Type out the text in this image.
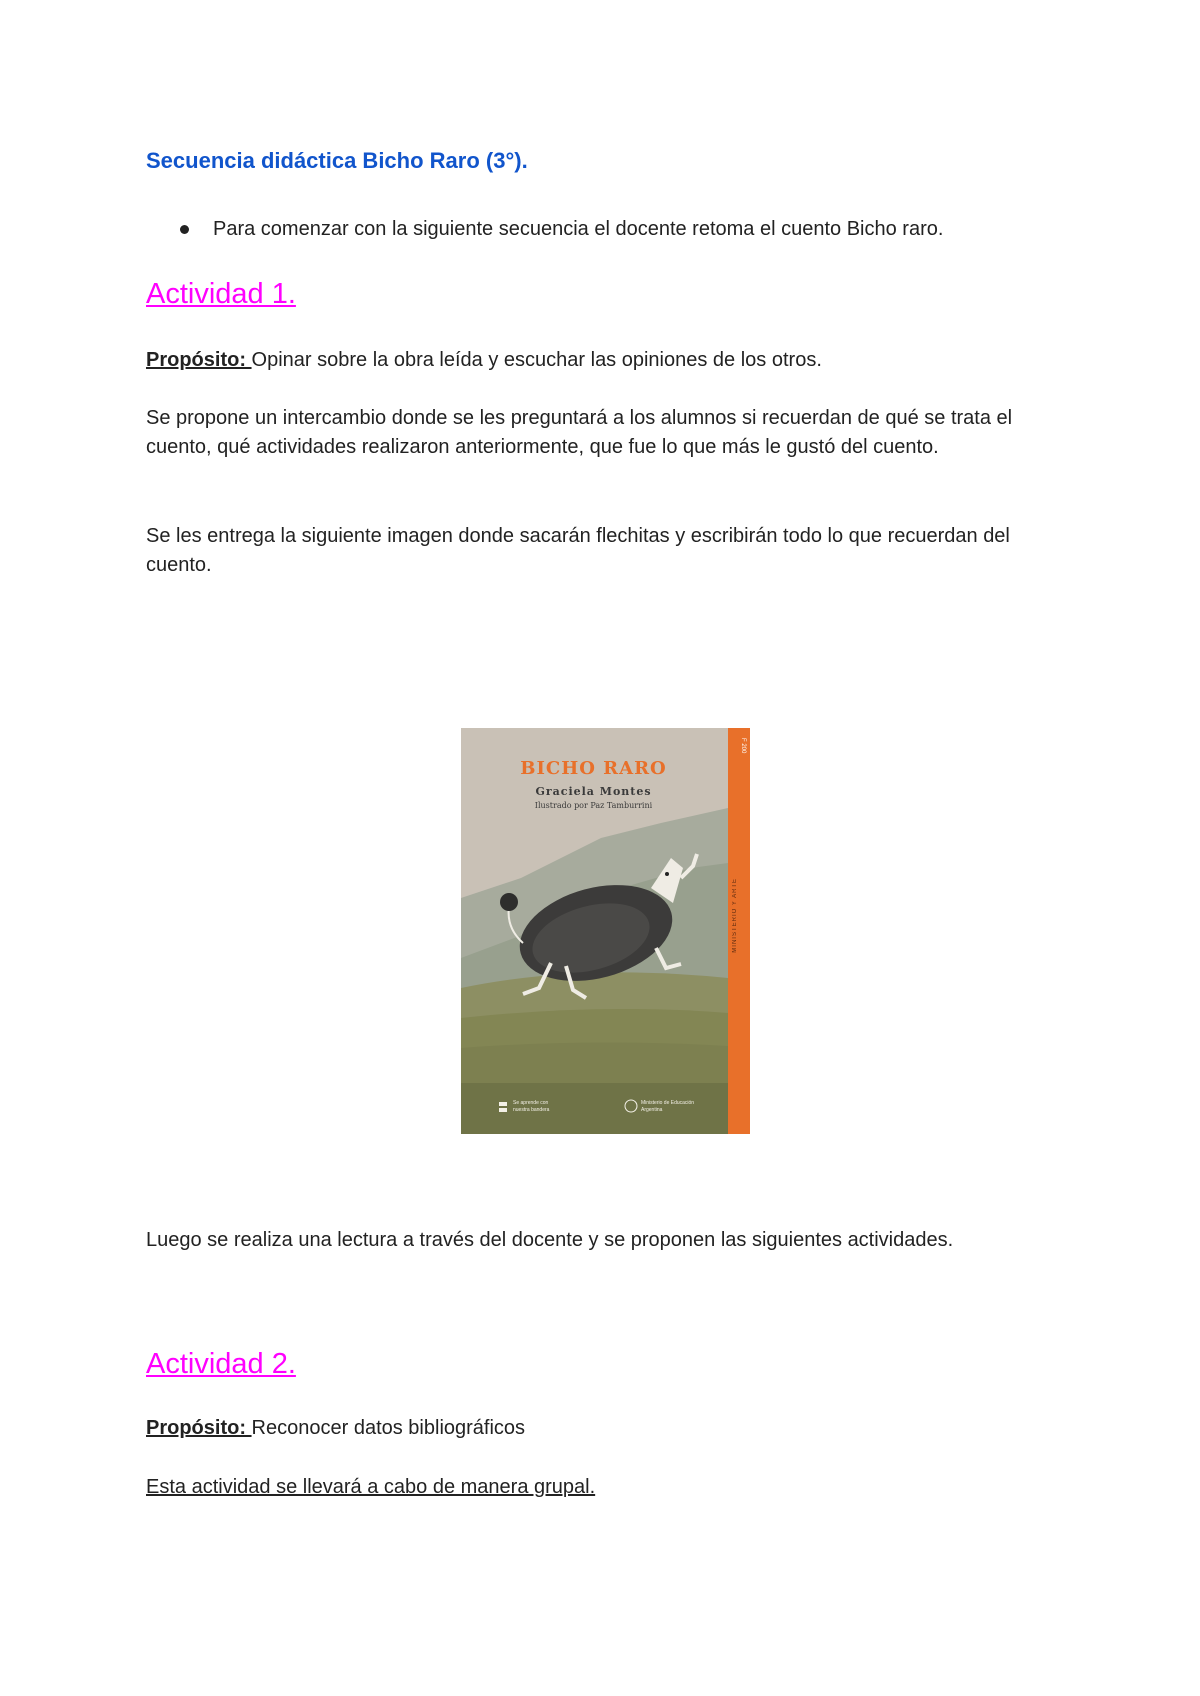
Secuencia didáctica Bicho Raro (3°).
Para comenzar con la siguiente secuencia el docente retoma el cuento Bicho raro.
Actividad 1.
Propósito: Opinar sobre la obra leída y escuchar las opiniones de los otros.
Se propone un intercambio donde se les preguntará a los alumnos si recuerdan de qué se trata el cuento, qué actividades realizaron anteriormente, que fue lo que más le gustó del cuento.
Se les entrega la siguiente imagen donde sacarán flechitas y escribirán todo lo que recuerdan del cuento.
BICHO RARO
Graciela Montes
Ilustrado por Paz Tamburrini
F 200
MINISTERIO Y ARTE
Se aprende con
nuestra bandera
Ministerio de Educación
Argentina
Luego se realiza una lectura a través del docente y se proponen las siguientes actividades.
Actividad 2.
Propósito: Reconocer datos bibliográficos
Esta actividad se llevará a cabo de manera grupal.
